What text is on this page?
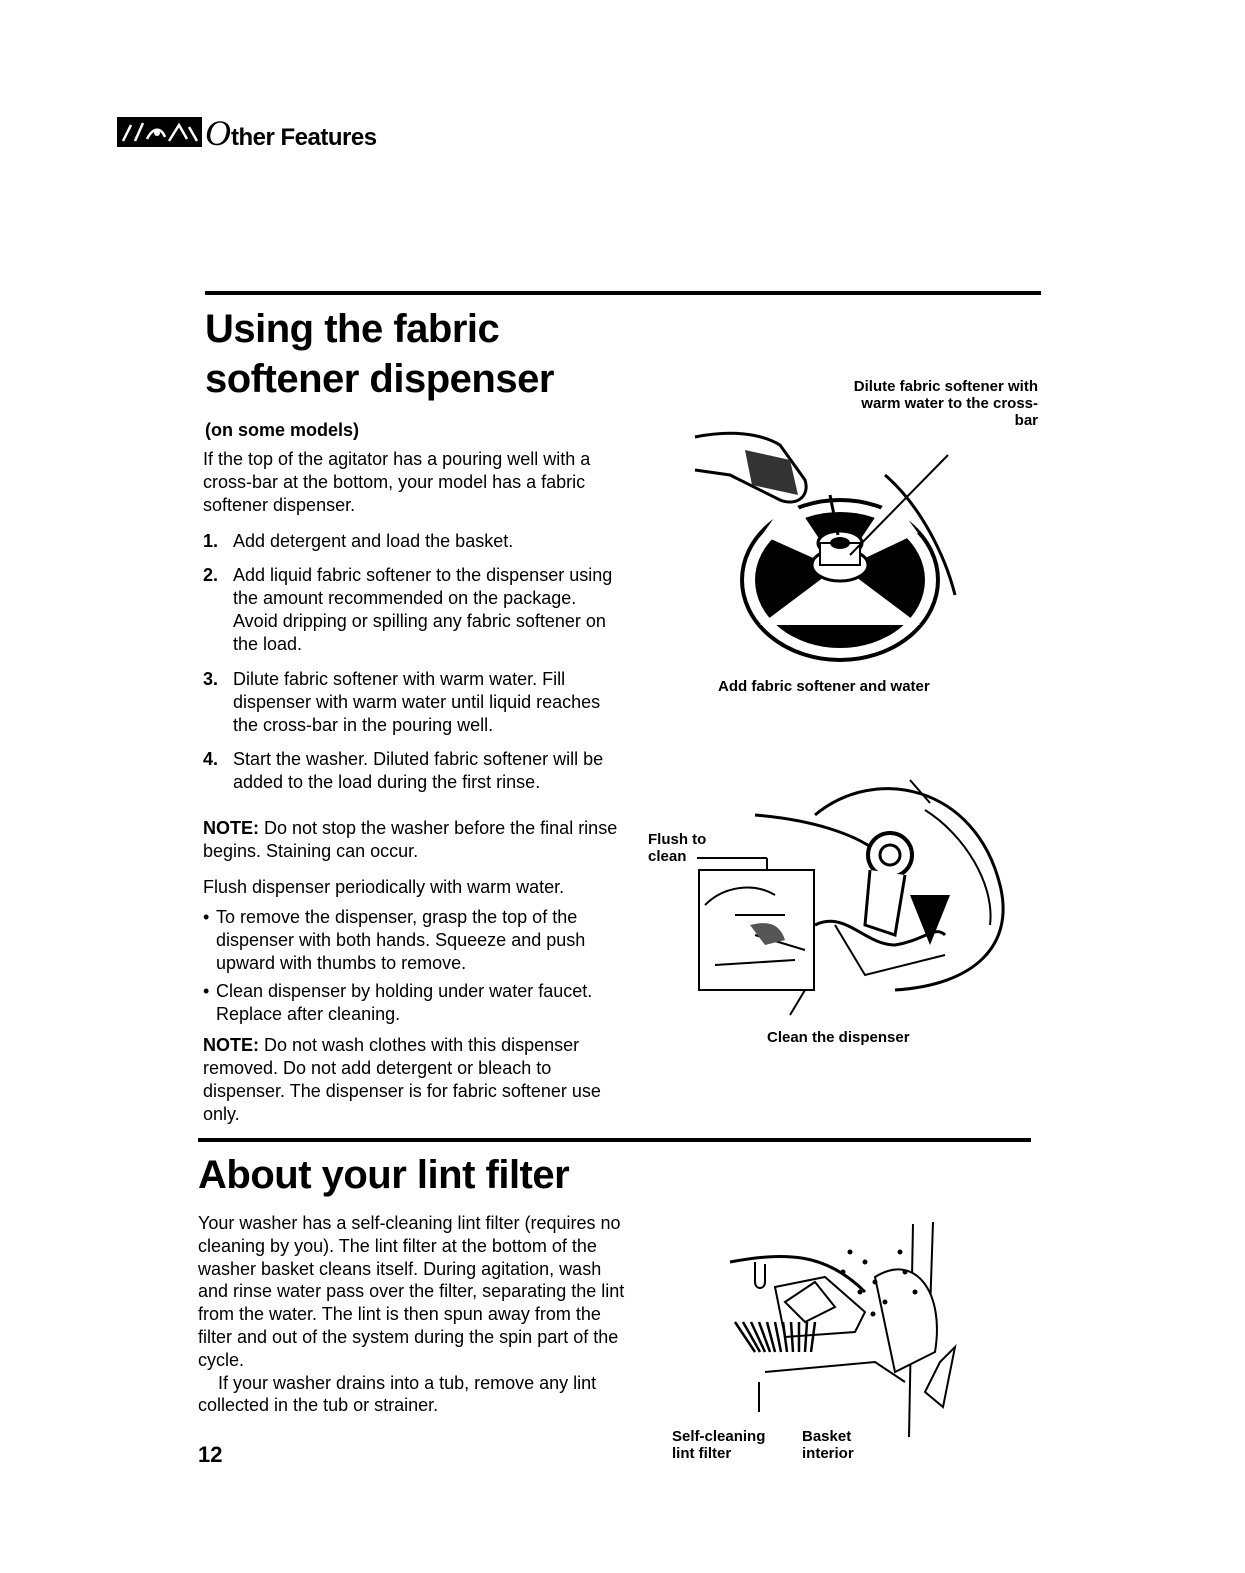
Other Features
Using the fabric
softener dispenser
(on some models)
If the top of the agitator has a pouring well with a cross-bar at the bottom, your model has a fabric softener dispenser.
1. Add detergent and load the basket.
2. Add liquid fabric softener to the dispenser using the amount recommended on the package. Avoid dripping or spilling any fabric softener on the load.
3. Dilute fabric softener with warm water. Fill dispenser with warm water until liquid reaches the cross-bar in the pouring well.
4. Start the washer. Diluted fabric softener will be added to the load during the first rinse.
NOTE: Do not stop the washer before the final rinse begins. Staining can occur.
Flush dispenser periodically with warm water.
• To remove the dispenser, grasp the top of the dispenser with both hands. Squeeze and push upward with thumbs to remove.
• Clean dispenser by holding under water faucet. Replace after cleaning.
NOTE: Do not wash clothes with this dispenser removed. Do not add detergent or bleach to dispenser. The dispenser is for fabric softener use only.
Dilute fabric softener with warm water to the cross-bar
Add fabric softener and water
Flush to
clean
Clean the dispenser
About your lint filter

Your washer has a self-cleaning lint filter (requires no cleaning by you). The lint filter at the bottom of the washer basket cleans itself. During agitation, wash and rinse water pass over the filter, separating the lint from the water. The lint is then spun away from the filter and out of the system during the spin part of the cycle.

If your washer drains into a tub, remove any lint collected in the tub or strainer.

Self-cleaning
lint filter
Basket
interior
12
